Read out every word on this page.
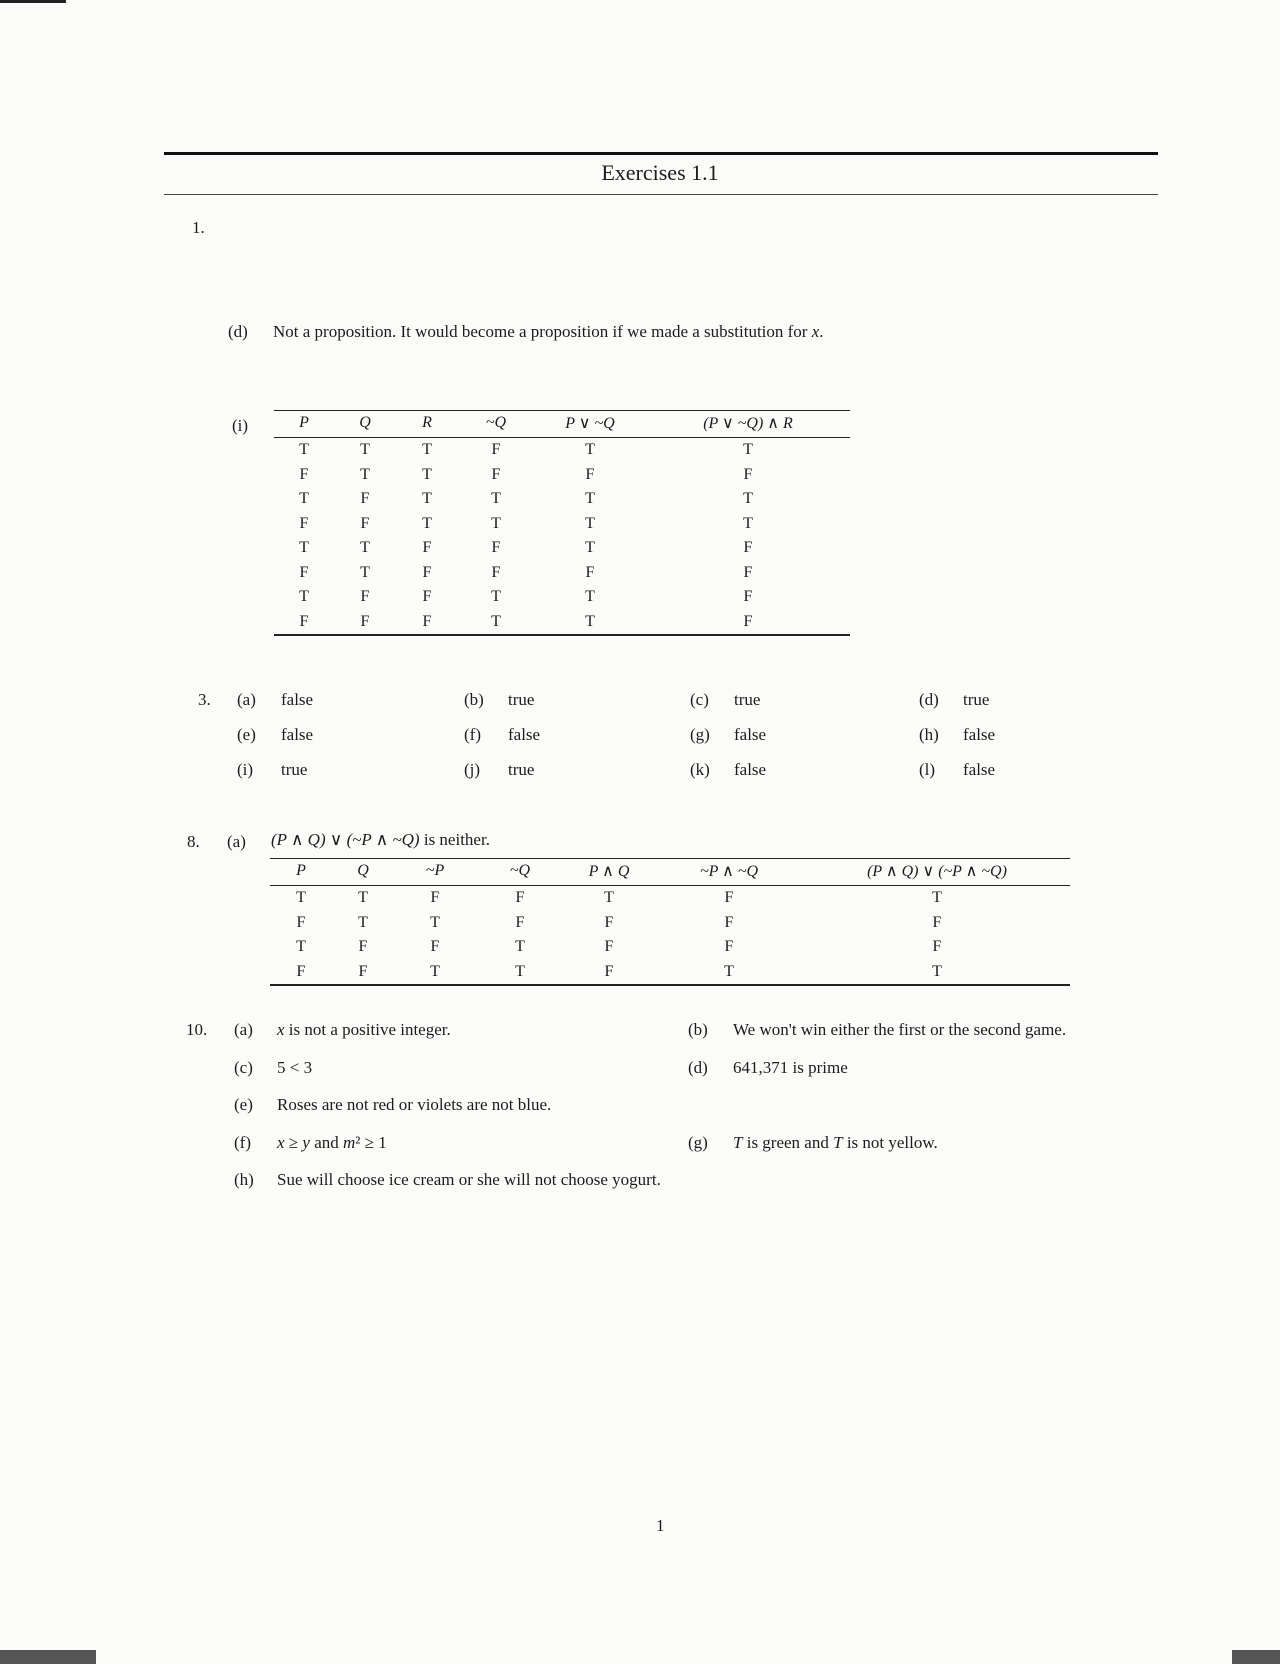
Exercises 1.1
1.
(d) Not a proposition. It would become a proposition if we made a substitution for x.
(i)	P	Q	R	~Q	P ∨ ~Q	(P ∨ ~Q) ∧ R
T	T	T	F	T	T
F	T	T	F	F	F
T	F	T	T	T	T
F	F	T	T	T	T
T	T	F	F	T	F
F	T	F	F	F	F
T	F	F	T	T	F
F	F	F	T	T	F
3. (a) false	(b) true	(c) true	(d) true
(e) false	(f) false	(g) false	(h) false
(i) true	(j) true	(k) false	(l) false
8. (a) (P ∧ Q) ∨ (~P ∧ ~Q) is neither.
P	Q	~P	~Q	P ∧ Q	~P ∧ ~Q	(P ∧ Q) ∨ (~P ∧ ~Q)
T	T	F	F	T	F	T
F	T	T	F	F	F	F
T	F	F	T	F	F	F
F	F	T	T	F	T	T
10. (a) x is not a positive integer.	(b) We won't win either the first or the second game.
(c) 5 < 3	(d) 641,371 is prime
(e) Roses are not red or violets are not blue.
(f) x ≥ y and m² ≥ 1	(g) T is green and T is not yellow.
(h) Sue will choose ice cream or she will not choose yogurt.
1
